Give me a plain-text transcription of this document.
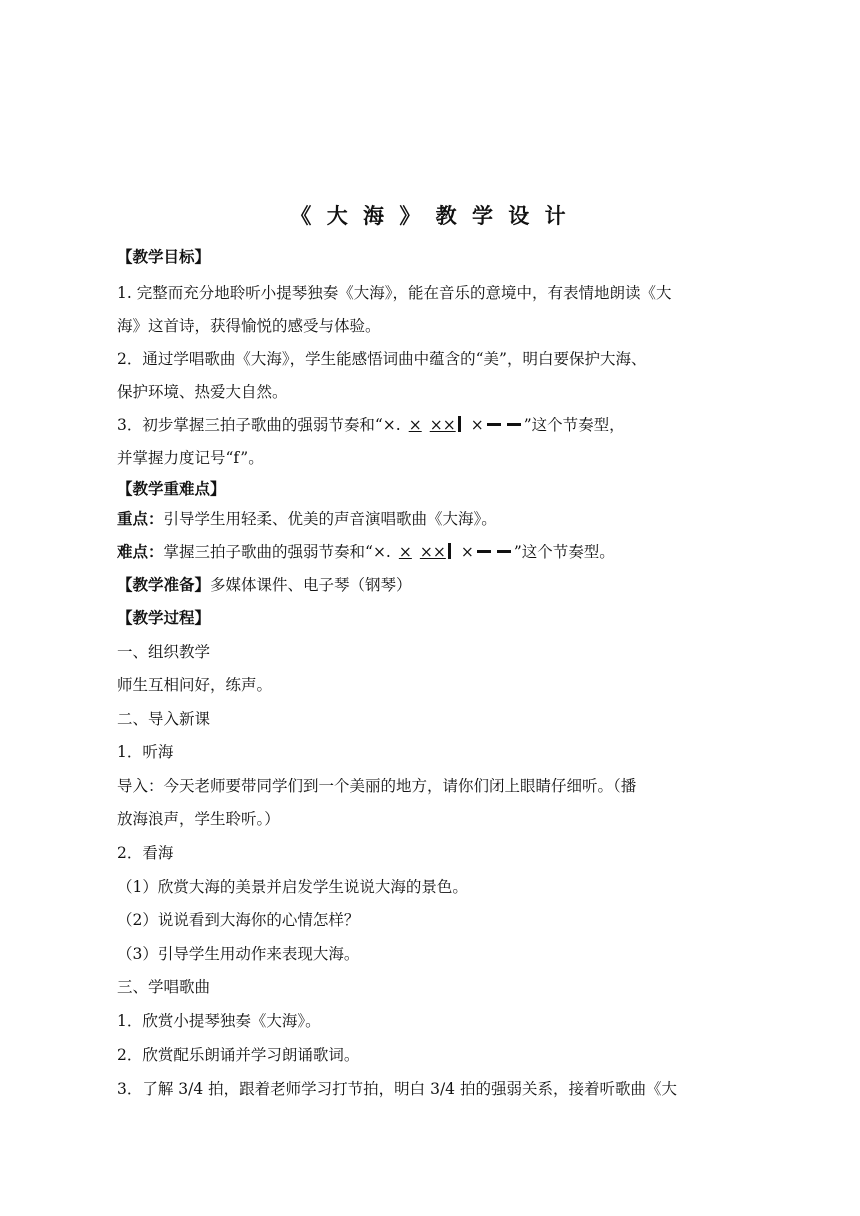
《 大 海 》 教 学 设 计
【教学目标】
1. 完整而充分地聆听小提琴独奏《大海》，能在音乐的意境中，有表情地朗读《大
海》这首诗，获得愉悦的感受与体验。
2．通过学唱歌曲《大海》，学生能感悟词曲中蕴含的“美”，明白要保护大海、
保护环境、热爱大自然。
3．初步掌握三拍子歌曲的强弱节奏和“×. × ×× ×	”这个节奏型，
并掌握力度记号“f”。
【教学重难点】
重点：引导学生用轻柔、优美的声音演唱歌曲《大海》。
难点：掌握三拍子歌曲的强弱节奏和“×. × ×× ×	”这个节奏型。
【教学准备】多媒体课件、电子琴（钢琴）
【教学过程】
一、组织教学
师生互相问好，练声。
二、导入新课
1．听海
导入：今天老师要带同学们到一个美丽的地方，请你们闭上眼睛仔细听。（播
放海浪声，学生聆听。）
2．看海
（1）欣赏大海的美景并启发学生说说大海的景色。
（2）说说看到大海你的心情怎样？
（3）引导学生用动作来表现大海。
三、学唱歌曲
1．欣赏小提琴独奏《大海》。
2．欣赏配乐朗诵并学习朗诵歌词。
3．了解 3/4 拍，跟着老师学习打节拍，明白 3/4 拍的强弱关系，接着听歌曲《大
